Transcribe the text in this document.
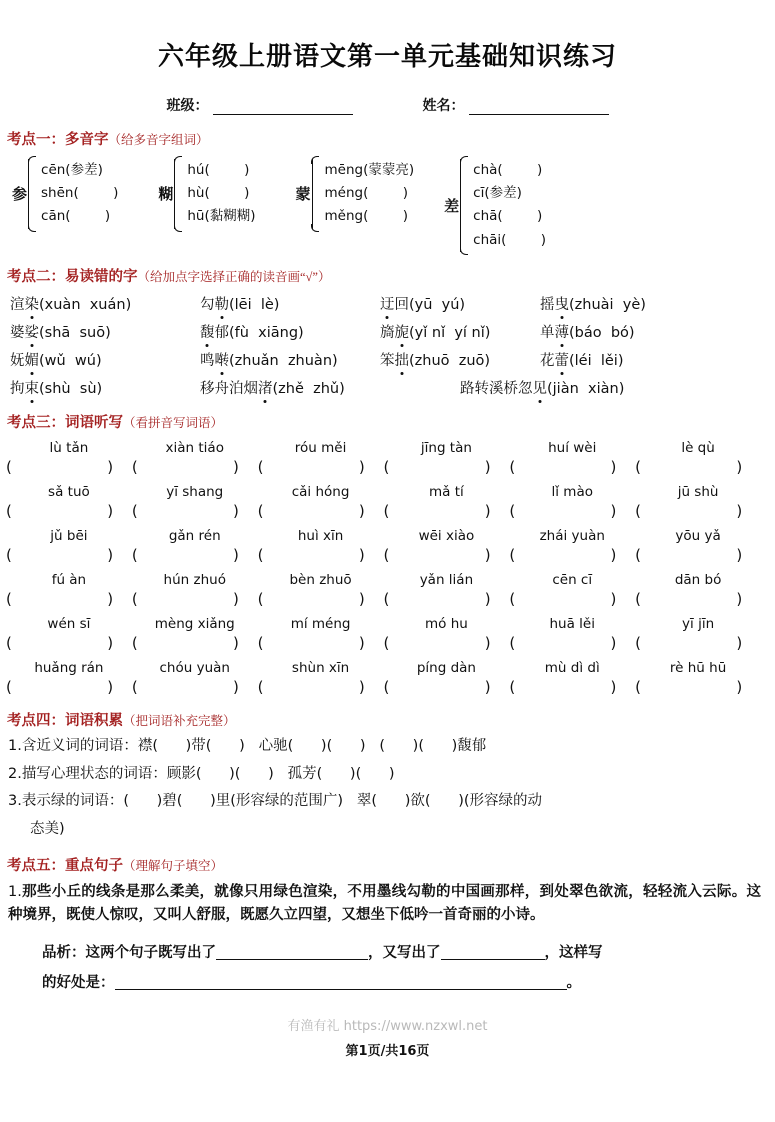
六年级上册语文第一单元基础知识练习
班级：	姓名：
考点一：多音字（给多音字组词）
参
cēn(参差)
shēn(        )
cān(        )
糊
hú(        )
hù(        )
hū(黏糊糊)
蒙
mēng(蒙蒙亮)
méng(        )
měng(        )
差
chà(        )
cī(参差)
chā(        )
chāi(        )
考点二：易读错的字（给加点字选择正确的读音画“√”）
渲染(xuàn  xuán)	勾勒(lēi  lè)	迂回(yū  yú)	摇曳(zhuài  yè)
婆娑(shā  suō)	馥郁(fù  xiāng)	旖旎(yǐ nǐ  yí nǐ)	单薄(báo  bó)
妩媚(wǔ  wú)	鸣啭(zhuǎn  zhuàn)	笨拙(zhuō  zuō)	花蕾(léi  lěi)
拘束(shù  sù)	移舟泊烟渚(zhě  zhǔ)	路转溪桥忽见(jiàn  xiàn)
考点三：词语听写（看拼音写词语）
lù tǎn	xiàn tiáo	róu měi	jīng tàn	huí wèi	lè qù
(                    )	(                    )	(                    )	(                    )	(                    )	(                    )
sǎ tuō	yī shang	cǎi hóng	mǎ tí	lǐ mào	jū shù
(                    )	(                    )	(                    )	(                    )	(                    )	(                    )
jǔ bēi	gǎn rén	huì xīn	wēi xiào	zhái yuàn	yōu yǎ
(                    )	(                    )	(                    )	(                    )	(                    )	(                    )
fú àn	hún zhuó	bèn zhuō	yǎn lián	cēn cī	dān bó
(                    )	(                    )	(                    )	(                    )	(                    )	(                    )
wén sī	mèng xiǎng	mí méng	mó hu	huā lěi	yī jīn
(                    )	(                    )	(                    )	(                    )	(                    )	(                    )
huǎng rán	chóu yuàn	shùn xīn	píng dàn	mù dì dì	rè hū hū
(                    )	(                    )	(                    )	(                    )	(                    )	(                    )
考点四：词语积累（把词语补充完整）
1.含近义词的词语：襟(      )带(      )   心驰(      )(      )   (      )(      )馥郁
2.描写心理状态的词语：顾影(      )(      )   孤芳(      )(      )
3.表示绿的词语：(      )碧(      )里(形容绿的范围广)   翠(      )欲(      )(形容绿的动
态美)
考点五：重点句子（理解句子填空）
1.那些小丘的线条是那么柔美，就像只用绿色渲染，不用墨线勾勒的中国画那样，到处翠色欲流，轻轻流入云际。这种境界，既使人惊叹，又叫人舒服，既愿久立四望，又想坐下低吟一首奇丽的小诗。
品析：这两个句子既写出了	，又写出了	，这样写
的好处是：	。
有渔有礼 https://www.nzxwl.net
第1页/共16页
